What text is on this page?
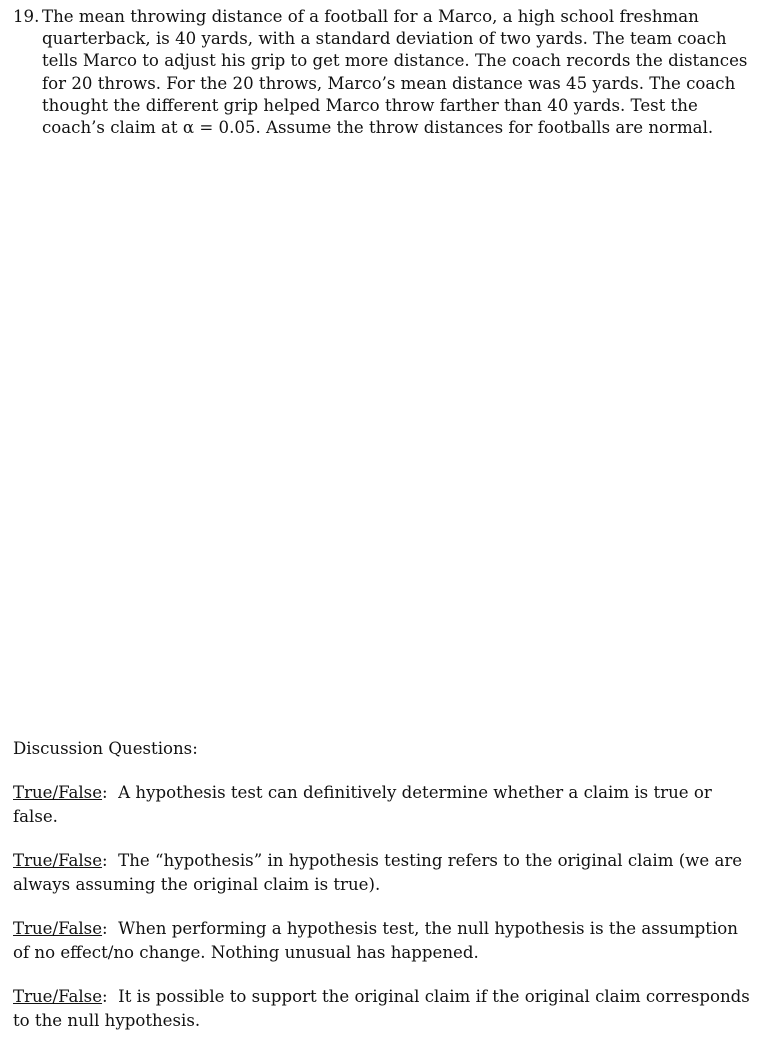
19. The mean throwing distance of a football for a Marco, a high school freshman quarterback, is 40 yards, with a standard deviation of two yards. The team coach tells Marco to adjust his grip to get more distance. The coach records the distances for 20 throws. For the 20 throws, Marco’s mean distance was 45 yards. The coach thought the different grip helped Marco throw farther than 40 yards. Test the coach’s claim at α = 0.05. Assume the throw distances for footballs are normal.
Discussion Questions:
True/False:  A hypothesis test can definitively determine whether a claim is true or false.
True/False:  The “hypothesis” in hypothesis testing refers to the original claim (we are always assuming the original claim is true).
True/False:  When performing a hypothesis test, the null hypothesis is the assumption of no effect/no change. Nothing unusual has happened.
True/False:  It is possible to support the original claim if the original claim corresponds to the null hypothesis.
